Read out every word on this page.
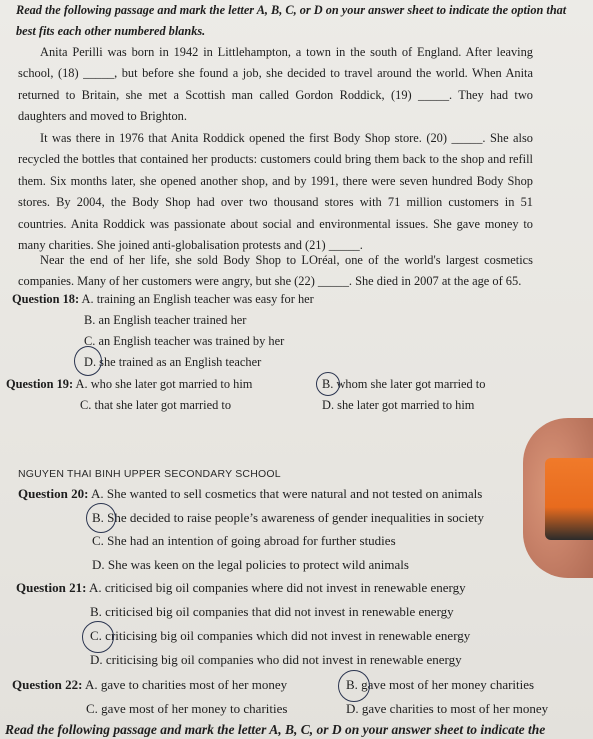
Read the following passage and mark the letter A, B, C, or D on your answer sheet to indicate the option that best fits each other numbered blanks.

Anita Perilli was born in 1942 in Littlehampton, a town in the south of England. After leaving school, (18) _____, but before she found a job, she decided to travel around the world. When Anita returned to Britain, she met a Scottish man called Gordon Roddick, (19) _____. They had two daughters and moved to Brighton.

It was there in 1976 that Anita Roddick opened the first Body Shop store. (20) _____. She also recycled the bottles that contained her products: customers could bring them back to the shop and refill them. Six months later, she opened another shop, and by 1991, there were seven hundred Body Shop stores. By 2004, the Body Shop had over two thousand stores with 71 million customers in 51 countries. Anita Roddick was passionate about social and environmental issues. She gave money to many charities. She joined anti-globalisation protests and (21) _____.

Near the end of her life, she sold Body Shop to LOréal, one of the world's largest cosmetics companies. Many of her customers were angry, but she (22) _____. She died in 2007 at the age of 65.

Question 18: A. training an English teacher was easy for her
B. an English teacher trained her
C. an English teacher was trained by her
D. she trained as an English teacher
Question 19: A. who she later got married to him	B. whom she later got married to
C. that she later got married to	D. she later got married to him
NGUYEN THAI BINH UPPER SECONDARY SCHOOL
Question 20: A. She wanted to sell cosmetics that were natural and not tested on animals
B. She decided to raise people’s awareness of gender inequalities in society
C. She had an intention of going abroad for further studies
D. She was keen on the legal policies to protect wild animals
Question 21: A. criticised big oil companies where did not invest in renewable energy
B. criticised big oil companies that did not invest in renewable energy
C. criticising big oil companies which did not invest in renewable energy
D. criticising big oil companies who did not invest in renewable energy
Question 22: A. gave to charities most of her money	B. gave most of her money charities
C. gave most of her money to charities	D. gave charities to most of her money
Read the following passage and mark the letter A, B, C, or D on your answer sheet to indicate the
